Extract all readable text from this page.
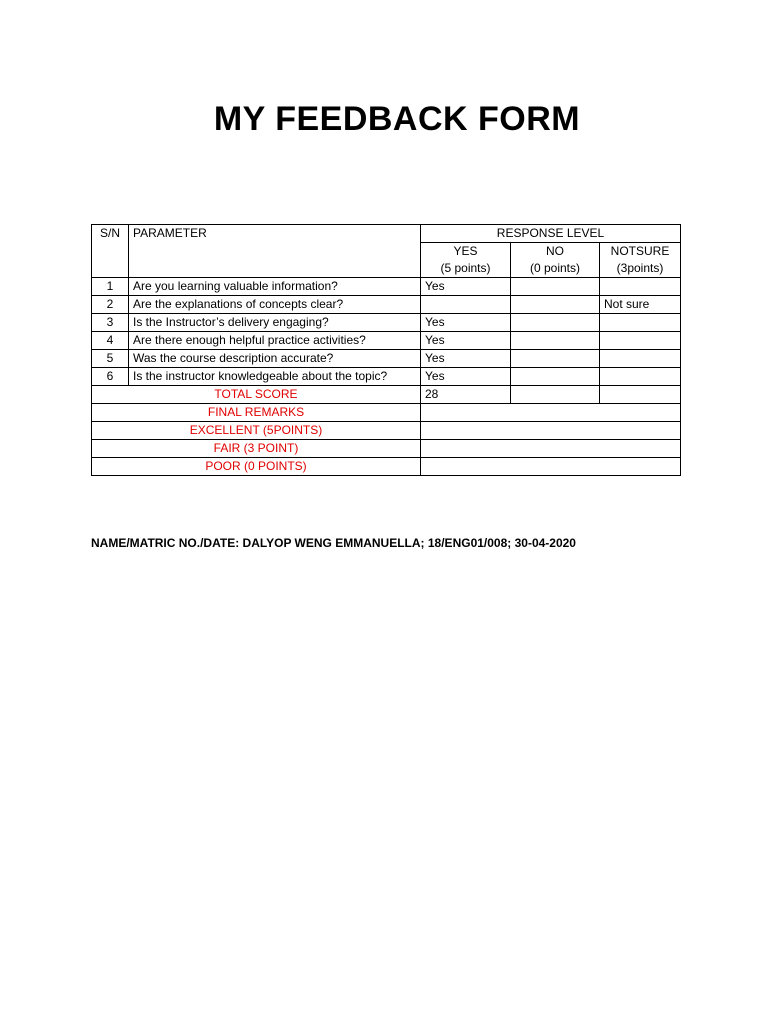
MY FEEDBACK FORM
S/N	PARAMETER	RESPONSE LEVEL		
		YES	NO	NOTSURE
		(5 points)	(0 points)	(3points)
1	Are you learning valuable information?	Yes		
2	Are the explanations of concepts clear?			Not sure
3	Is the Instructor’s delivery engaging?	Yes		
4	Are there enough helpful practice activities?	Yes		
5	Was the course description accurate?	Yes		
6	Is the instructor knowledgeable about the topic?	Yes		
TOTAL SCORE		28		
FINAL REMARKS				
EXCELLENT (5POINTS)				
FAIR (3 POINT)				
POOR (0 POINTS)				
NAME/MATRIC NO./DATE: DALYOP WENG EMMANUELLA; 18/ENG01/008; 30-04-2020
